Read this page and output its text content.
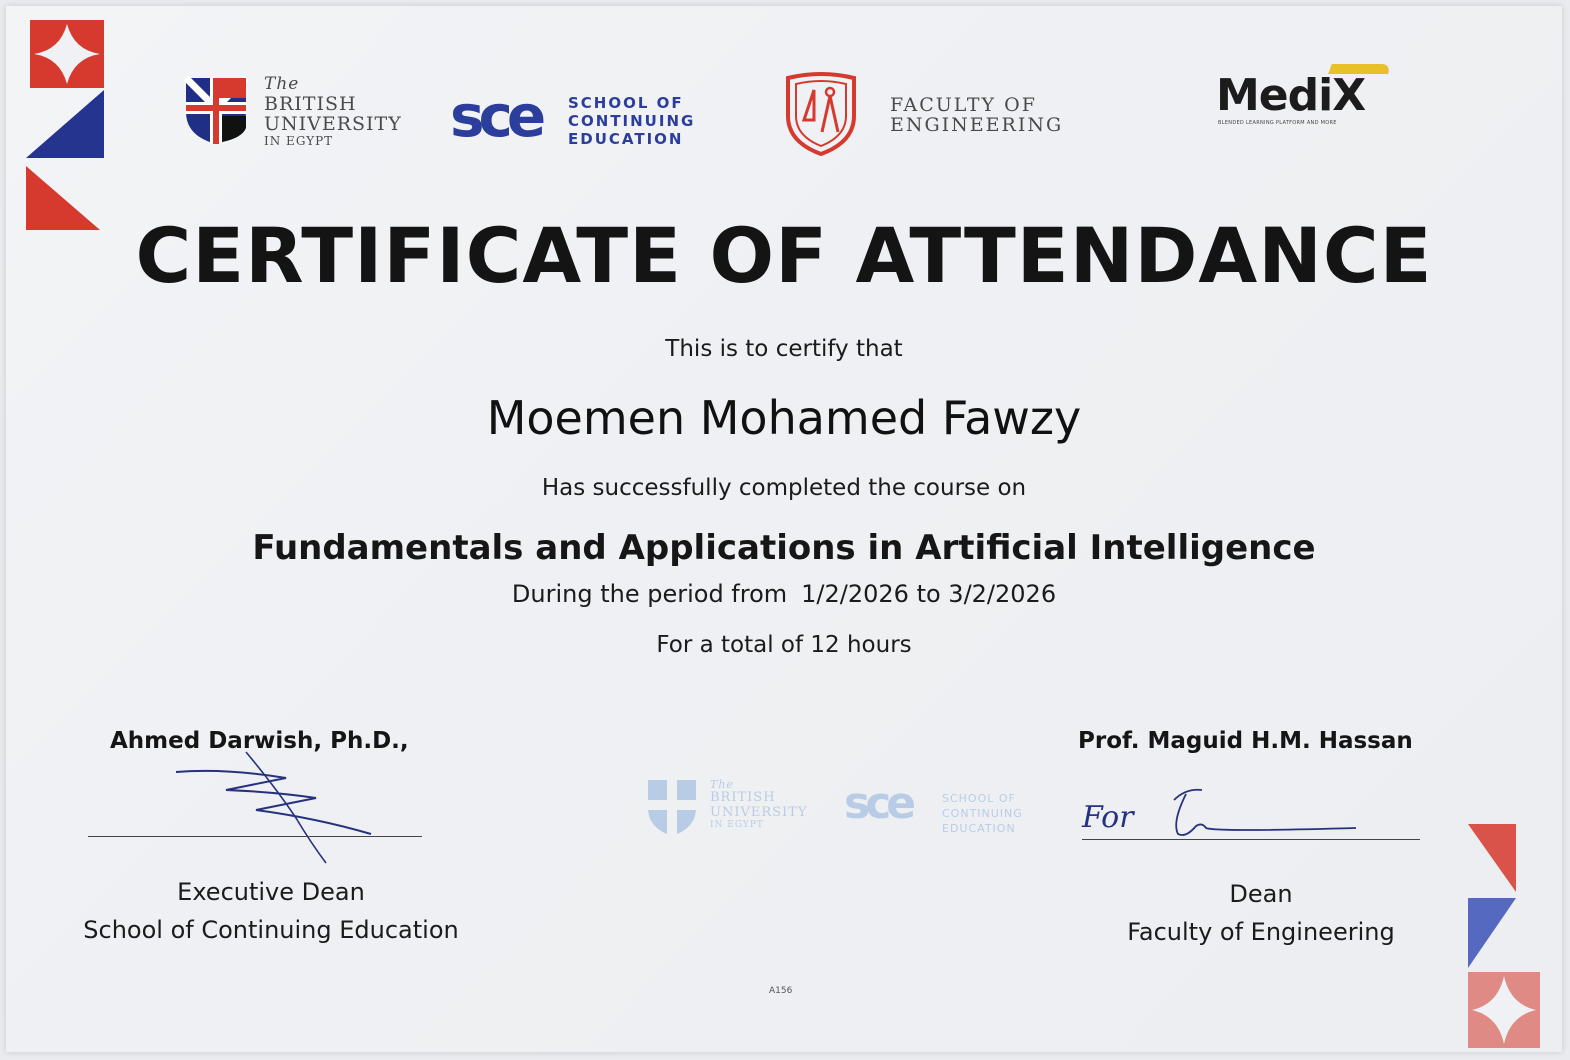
The
BRITISH
UNIVERSITY
IN EGYPT sce SCHOOL OF
CONTINUING
EDUCATION
FACULTY OF
ENGINEERING
MediX
BLENDED LEARNING PLATFORM AND MORE
CERTIFICATE OF ATTENDANCE
This is to certify that
Moemen Mohamed Fawzy
Has successfully completed the course on
Fundamentals and Applications in Artificial Intelligence
During the period from 1/2/2026 to 3/2/2026
For a total of 12 hours
Ahmed Darwish, Ph.D.,
Executive Dean
School of Continuing Education
The
BRITISH
UNIVERSITY
IN EGYPT sce	SCHOOL OF
CONTINUING
EDUCATION
Prof. Maguid H.M. Hassan
For
Dean
Faculty of Engineering
A156
